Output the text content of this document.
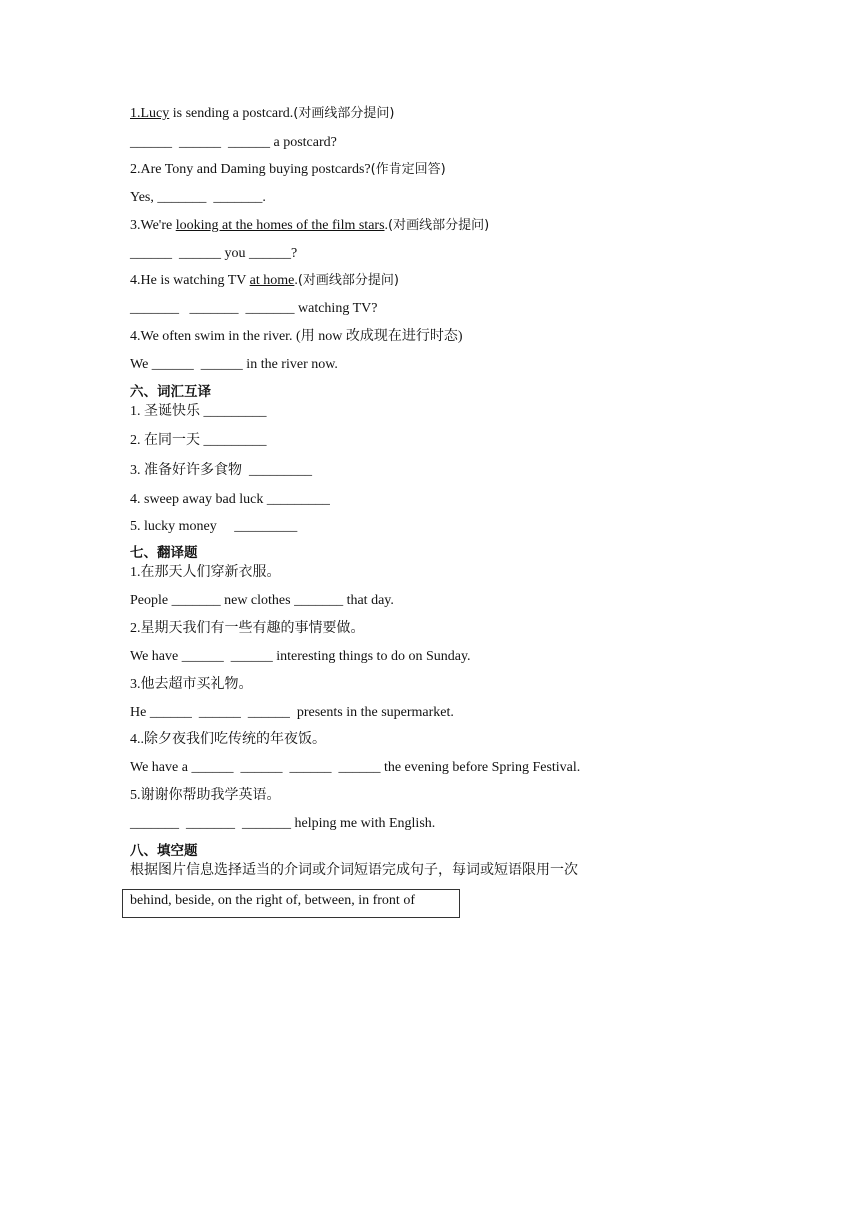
1.Lucy is sending a postcard.(对画线部分提问)
______  ______  ______ a postcard?
2.Are Tony and Daming buying postcards?(作肯定回答)
Yes, _______  _______.
3.We're looking at the homes of the film stars.(对画线部分提问)
______  ______ you ______?
4.He is watching TV at home.(对画线部分提问)
_______   _______  _______ watching TV?
4.We often swim in the river. (用 now 改成现在进行时态)
We ______  ______ in the river now.
六、词汇互译
1. 圣诞快乐 _________
2. 在同一天 _________
3. 准备好许多食物  _________
4. sweep away bad luck _________
5. lucky money     _________
七、翻译题
1.在那天人们穿新衣服。
People _______ new clothes _______ that day.
2.星期天我们有一些有趣的事情要做。
We have ______  ______ interesting things to do on Sunday.
3.他去超市买礼物。
He ______  ______  ______  presents in the supermarket.
4..除夕夜我们吃传统的年夜饭。
We have a ______  ______  ______  ______ the evening before Spring Festival.
5.谢谢你帮助我学英语。
_______  _______  _______ helping me with English.
八、填空题
根据图片信息选择适当的介词或介词短语完成句子，每词或短语限用一次
behind, beside, on the right of, between, in front of
